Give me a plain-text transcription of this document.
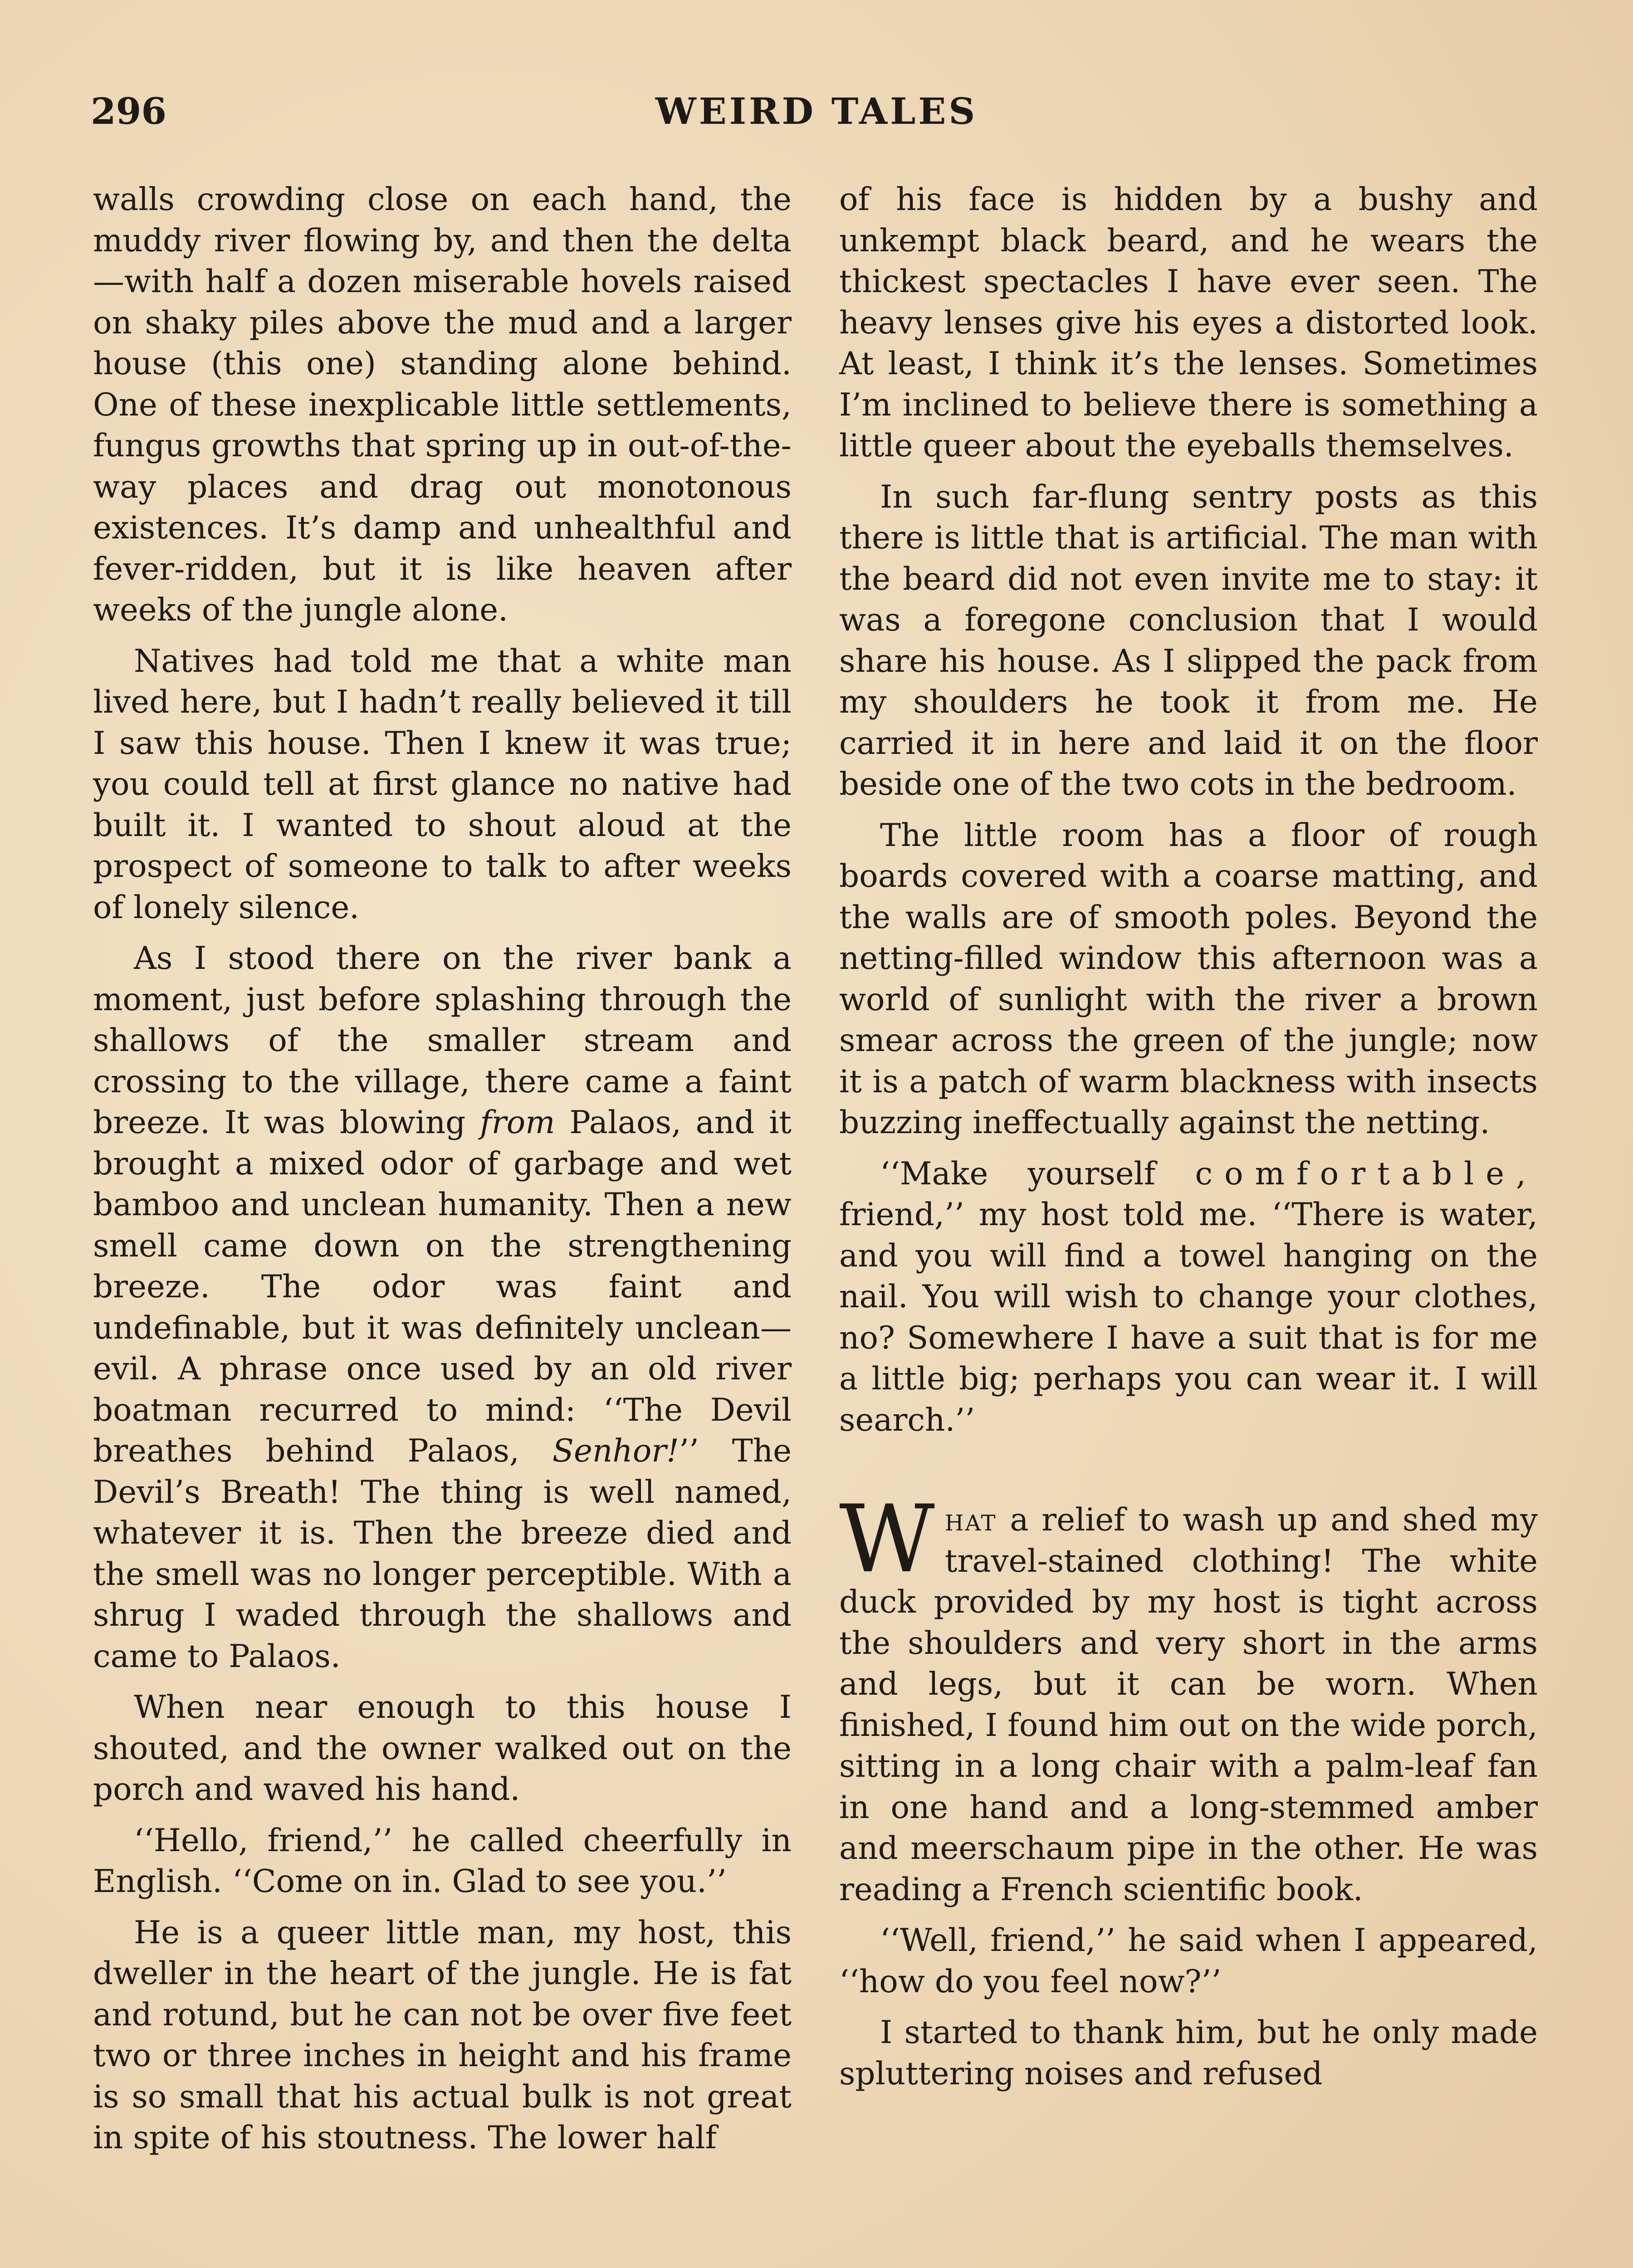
296	WEIRD TALES

walls crowding close on each hand, the muddy river flowing by, and then the delta—with half a dozen miserable hovels raised on shaky piles above the mud and a larger house (this one) standing alone behind. One of these inexplicable little settlements, fungus growths that spring up in out-of-the-way places and drag out monotonous existences. It’s damp and unhealthful and fever-ridden, but it is like heaven after weeks of the jungle alone.

Natives had told me that a white man lived here, but I hadn’t really believed it till I saw this house. Then I knew it was true; you could tell at first glance no native had built it. I wanted to shout aloud at the prospect of someone to talk to after weeks of lonely silence.

As I stood there on the river bank a moment, just before splashing through the shallows of the smaller stream and crossing to the village, there came a faint breeze. It was blowing from Palaos, and it brought a mixed odor of garbage and wet bamboo and unclean humanity. Then a new smell came down on the strengthening breeze. The odor was faint and undefinable, but it was definitely unclean—evil. A phrase once used by an old river boatman recurred to mind: ‘‘The Devil breathes behind Palaos, Senhor!’’ The Devil’s Breath! The thing is well named, whatever it is. Then the breeze died and the smell was no longer perceptible. With a shrug I waded through the shallows and came to Palaos.

When near enough to this house I shouted, and the owner walked out on the porch and waved his hand.

‘‘Hello, friend,’’ he called cheerfully in English. ‘‘Come on in. Glad to see you.’’

He is a queer little man, my host, this dweller in the heart of the jungle. He is fat and rotund, but he can not be over five feet two or three inches in height and his frame is so small that his actual bulk is not great in spite of his stoutness. The lower half

of his face is hidden by a bushy and unkempt black beard, and he wears the thickest spectacles I have ever seen. The heavy lenses give his eyes a distorted look. At least, I think it’s the lenses. Sometimes I’m inclined to believe there is something a little queer about the eyeballs themselves.

In such far-flung sentry posts as this there is little that is artificial. The man with the beard did not even invite me to stay: it was a foregone conclusion that I would share his house. As I slipped the pack from my shoulders he took it from me. He carried it in here and laid it on the floor beside one of the two cots in the bedroom.

The little room has a floor of rough boards covered with a coarse matting, and the walls are of smooth poles. Beyond the netting-filled window this afternoon was a world of sunlight with the river a brown smear across the green of the jungle; now it is a patch of warm blackness with insects buzzing ineffectually against the netting.

‘‘Make yourself comfortable, friend,’’ my host told me. ‘‘There is water, and you will find a towel hanging on the nail. You will wish to change your clothes, no? Somewhere I have a suit that is for me a little big; perhaps you can wear it. I will search.’’

What a relief to wash up and shed my travel-stained clothing! The white duck provided by my host is tight across the shoulders and very short in the arms and legs, but it can be worn. When finished, I found him out on the wide porch, sitting in a long chair with a palm-leaf fan in one hand and a long-stemmed amber and meerschaum pipe in the other. He was reading a French scientific book.

‘‘Well, friend,’’ he said when I appeared, ‘‘how do you feel now?’’

I started to thank him, but he only made spluttering noises and refused
